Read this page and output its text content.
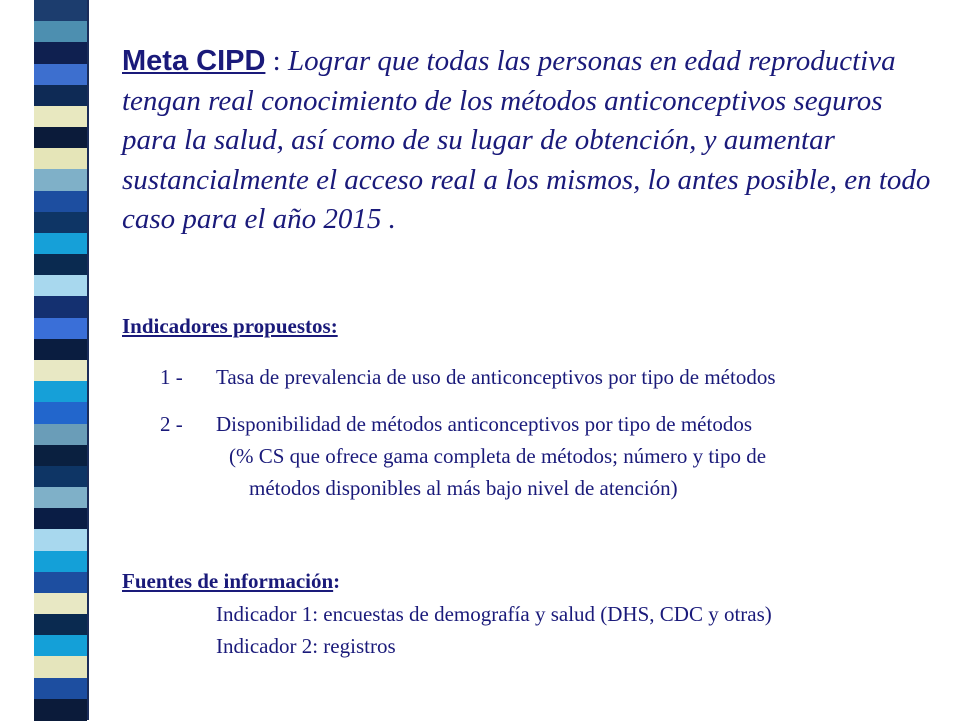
Meta CIPD : Lograr que todas las personas en edad reproductiva tengan real conocimiento de los métodos anticonceptivos seguros para la salud, así como de su lugar de obtención, y aumentar sustancialmente el acceso real a los mismos, lo antes posible, en todo caso para el año 2015 .
Indicadores propuestos:
1 - Tasa de prevalencia de uso de anticonceptivos por tipo de métodos
2 - Disponibilidad de métodos anticonceptivos por tipo de métodos
(% CS que ofrece gama completa de métodos; número y tipo de
métodos disponibles al más bajo nivel de atención)
Fuentes de información:
Indicador 1: encuestas de demografía y salud (DHS, CDC y otras)
Indicador 2: registros
